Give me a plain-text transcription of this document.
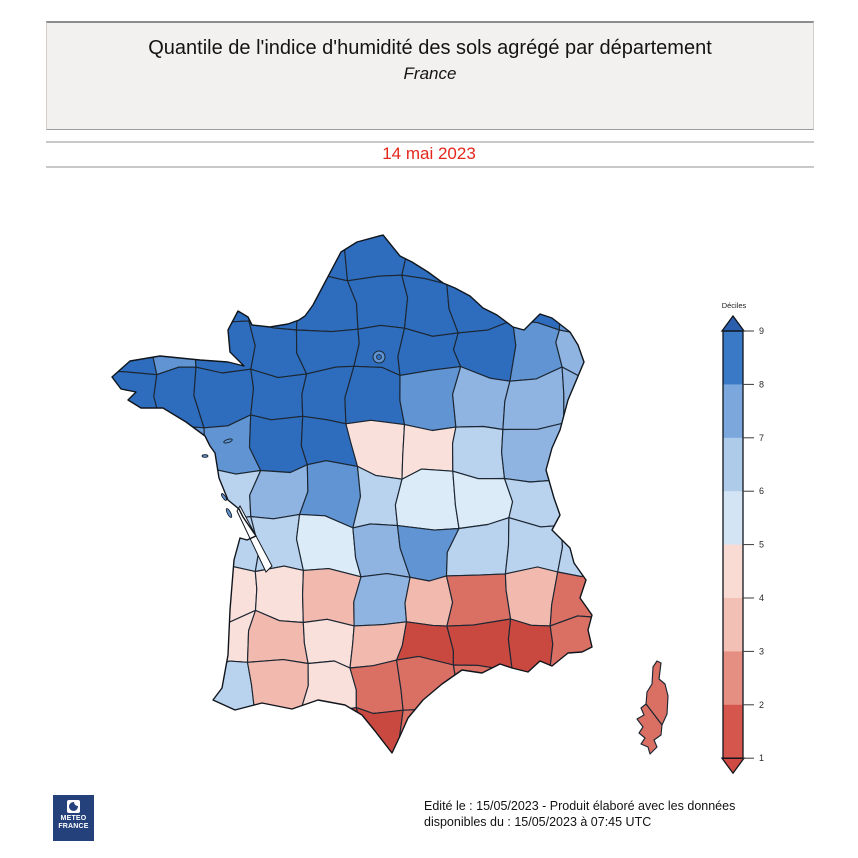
Quantile de l'indice d'humidité des sols agrégé par département
France
14 mai 2023
9
8
7
6
5
4
3
2
1
Déciles
METEO
FRANCE
Edité le : 15/05/2023 - Produit élaboré avec les données
disponibles du : 15/05/2023 à 07:45 UTC
